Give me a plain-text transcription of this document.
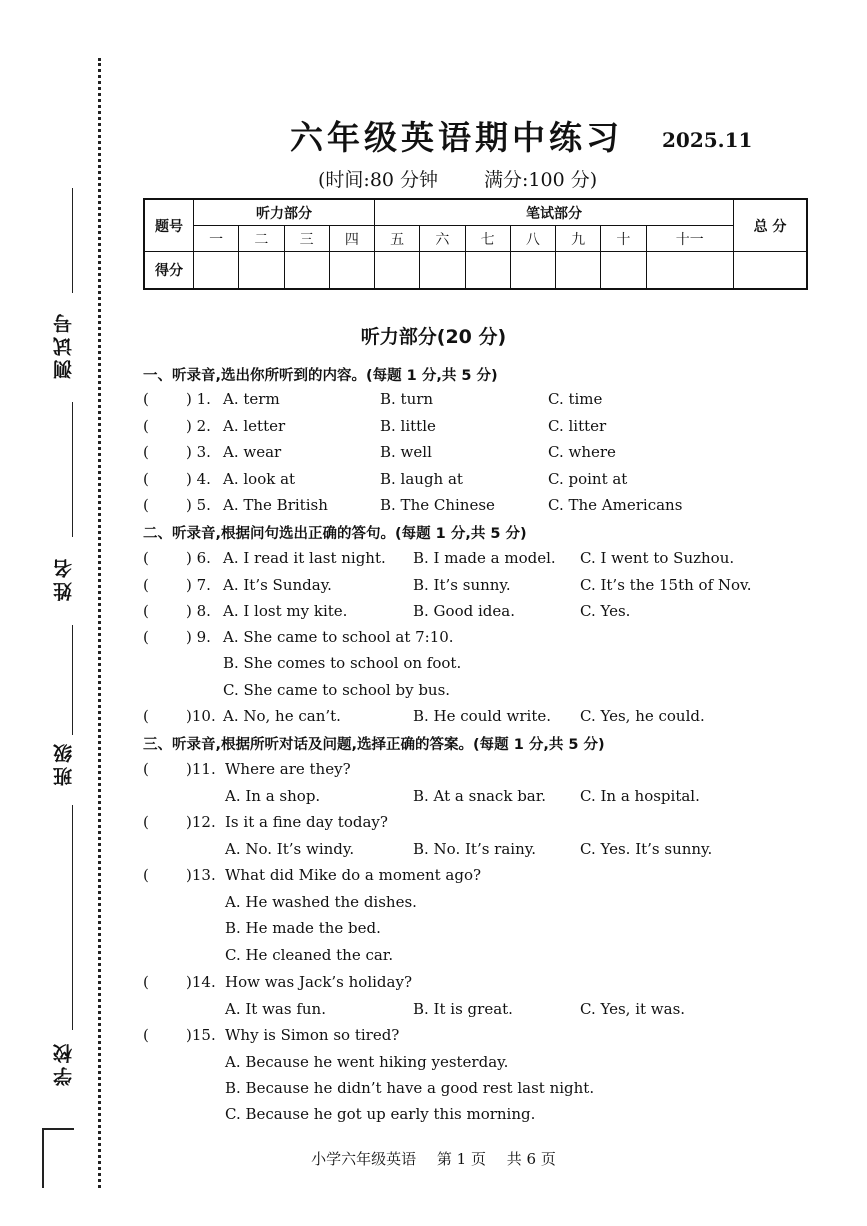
测试号
姓名
班级
学校
六年级英语期中练习 2025.11
(时间:80 分钟 满分:100 分)
题号	听力部分				笔试部分							总 分
	一	二	三	四	五	六	七	八	九	十	十一	
得分												
听力部分(20 分)
一、听录音,选出你所听到的内容。(每题 1 分,共 5 分)
( ) 1. A. term	B. turn	C. time
( ) 2. A. letter	B. little	C. litter
( ) 3. A. wear	B. well	C. where
( ) 4. A. look at	B. laugh at	C. point at
( ) 5. A. The British	B. The Chinese	C. The Americans
二、听录音,根据问句选出正确的答句。(每题 1 分,共 5 分)
( ) 6. A. I read it last night. B. I made a model. C. I went to Suzhou.
( ) 7. A. It’s Sunday.	B. It’s sunny.	C. It’s the 15th of Nov.
( ) 8. A. I lost my kite.	B. Good idea.	C. Yes.
( ) 9. A. She came to school at 7:10.
B. She comes to school on foot.
C. She came to school by bus.
( )10. A. No, he can’t.	B. He could write. C. Yes, he could.
三、听录音,根据所听对话及问题,选择正确的答案。(每题 1 分,共 5 分)
( )11. Where are they?
A. In a shop.	B. At a snack bar. C. In a hospital.
( )12. Is it a fine day today?
A. No. It’s windy.	B. No. It’s rainy.	C. Yes. It’s sunny.
( )13. What did Mike do a moment ago?
A. He washed the dishes.
B. He made the bed.
C. He cleaned the car.
( )14. How was Jack’s holiday?
A. It was fun.	B. It is great.	C. Yes, it was.
( )15. Why is Simon so tired?
A. Because he went hiking yesterday.
B. Because he didn’t have a good rest last night.
C. Because he got up early this morning.
小学六年级英语 第 1 页 共 6 页
